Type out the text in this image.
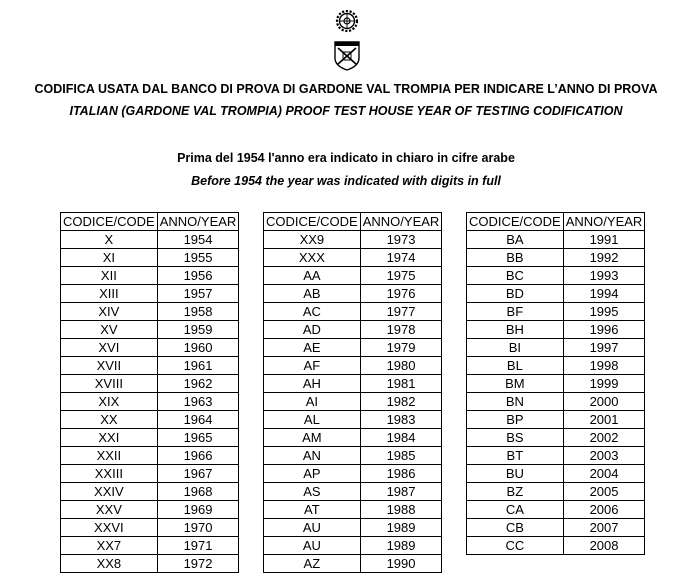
CODIFICA USATA DAL BANCO DI PROVA DI GARDONE VAL TROMPIA PER INDICARE L’ANNO DI PROVA
ITALIAN (GARDONE VAL TROMPIA) PROOF TEST HOUSE YEAR OF TESTING CODIFICATION
Prima del 1954 l'anno era indicato in chiaro in cifre arabe
Before 1954 the year was indicated with digits in full
CODICE/CODE	ANNO/YEAR
X	1954
XI	1955
XII	1956
XIII	1957
XIV	1958
XV	1959
XVI	1960
XVII	1961
XVIII	1962
XIX	1963
XX	1964
XXI	1965
XXII	1966
XXIII	1967
XXIV	1968
XXV	1969
XXVI	1970
XX7	1971
XX8	1972
CODICE/CODE	ANNO/YEAR
XX9	1973
XXX	1974
AA	1975
AB	1976
AC	1977
AD	1978
AE	1979
AF	1980
AH	1981
AI	1982
AL	1983
AM	1984
AN	1985
AP	1986
AS	1987
AT	1988
AU	1989
AU	1989
AZ	1990
CODICE/CODE	ANNO/YEAR
BA	1991
BB	1992
BC	1993
BD	1994
BF	1995
BH	1996
BI	1997
BL	1998
BM	1999
BN	2000
BP	2001
BS	2002
BT	2003
BU	2004
BZ	2005
CA	2006
CB	2007
CC	2008
